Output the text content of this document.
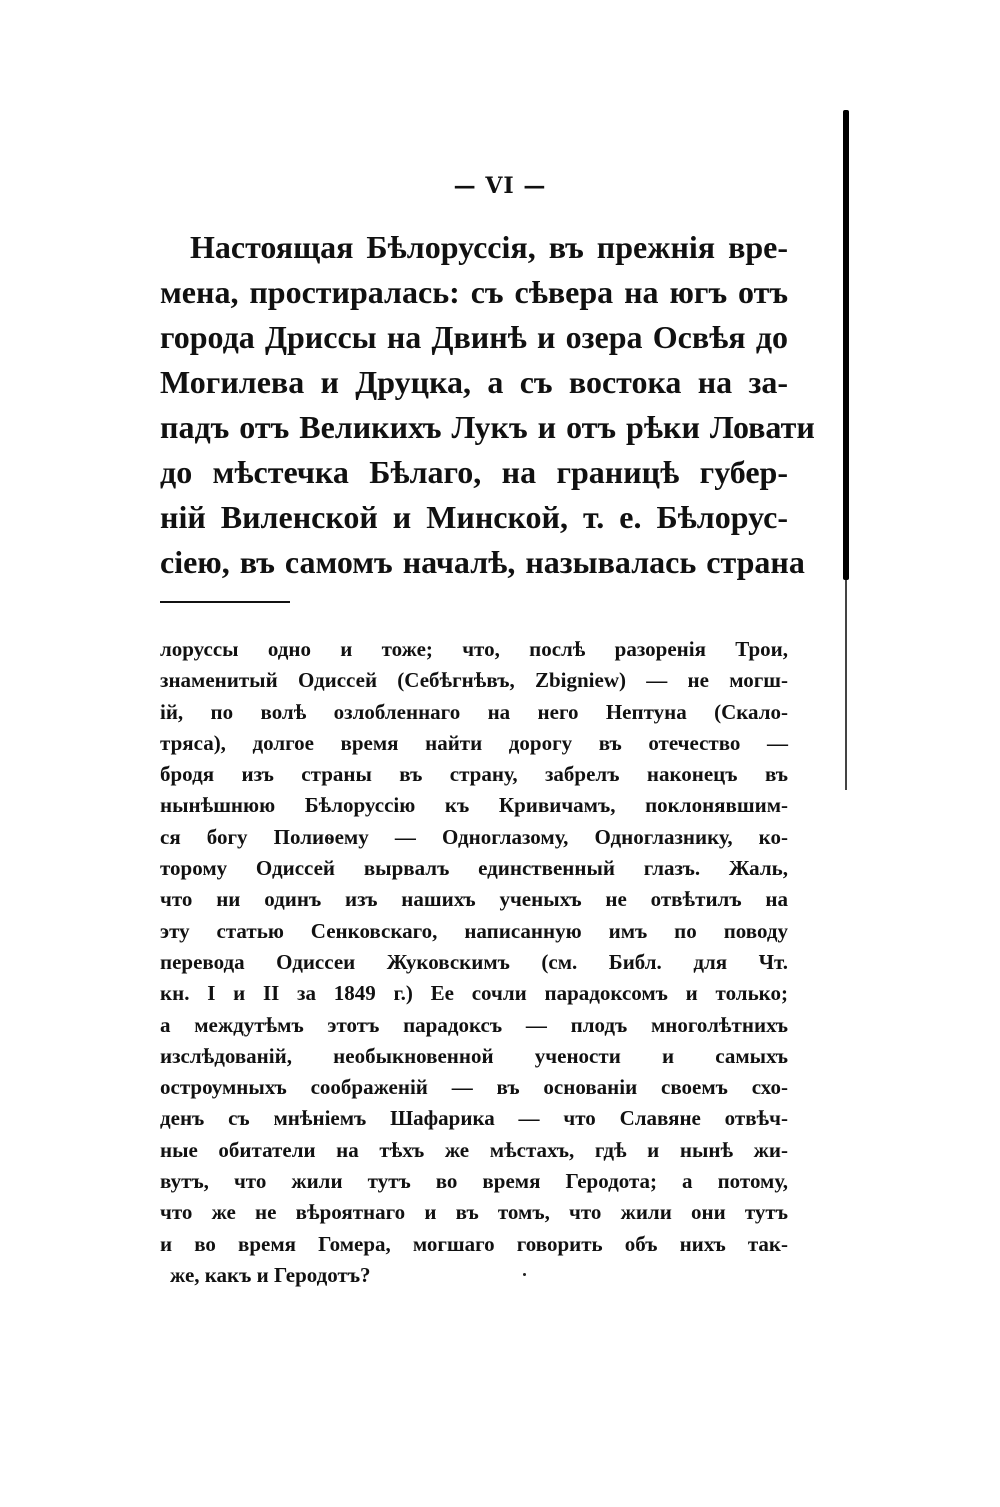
— VI —
Настоящая Бѣлоруссія, въ прежнія вре-
мена, простиралась: съ сѣвера на югъ отъ
города Дриссы на Двинѣ и озера Освѣя до
Могилева и Друцка, а съ востока на за-
падъ отъ Великихъ Лукъ и отъ рѣки Ловати
до мѣстечка Бѣлаго, на границѣ губер-
ній Виленской и Минской, т. е. Бѣлорус-
сіею, въ самомъ началѣ, называлась страна
лоруссы одно и тоже; что, послѣ разоренія Трои,
знаменитый Одиссей (Себѣгнѣвъ, Zbigniew) — не могш-
ій, по волѣ озлобленнаго на него Нептуна (Скало-
тряса), долгое время найти дорогу въ отечество —
бродя изъ страны въ страну, забрелъ наконецъ въ
нынѣшнюю Бѣлоруссію къ Кривичамъ, поклонявшим-
ся богу Полиѳему — Одноглазому, Одноглазнику, ко-
торому Одиссей вырвалъ единственный глазъ. Жаль,
что ни одинъ изъ нашихъ ученыхъ не отвѣтилъ на
эту статью Сенковскаго, написанную имъ по поводу
перевода Одиссеи Жуковскимъ (см. Библ. для Чт.
кн. I и II за 1849 г.) Ее сочли парадоксомъ и только;
а междутѣмъ этотъ парадоксъ — плодъ многолѣтнихъ
изслѣдованій, необыкновенной учености и самыхъ
остроумныхъ соображеній — въ основаніи своемъ схо-
денъ съ мнѣніемъ Шафарика — что Славяне отвѣч-
ные обитатели на тѣхъ же мѣстахъ, гдѣ и нынѣ жи-
вутъ, что жили тутъ во время Геродота; а потому,
что же не вѣроятнаго и въ томъ, что жили они тутъ
и во время Гомера, могшаго говорить объ нихъ так-
же, какъ и Геродотъ?
